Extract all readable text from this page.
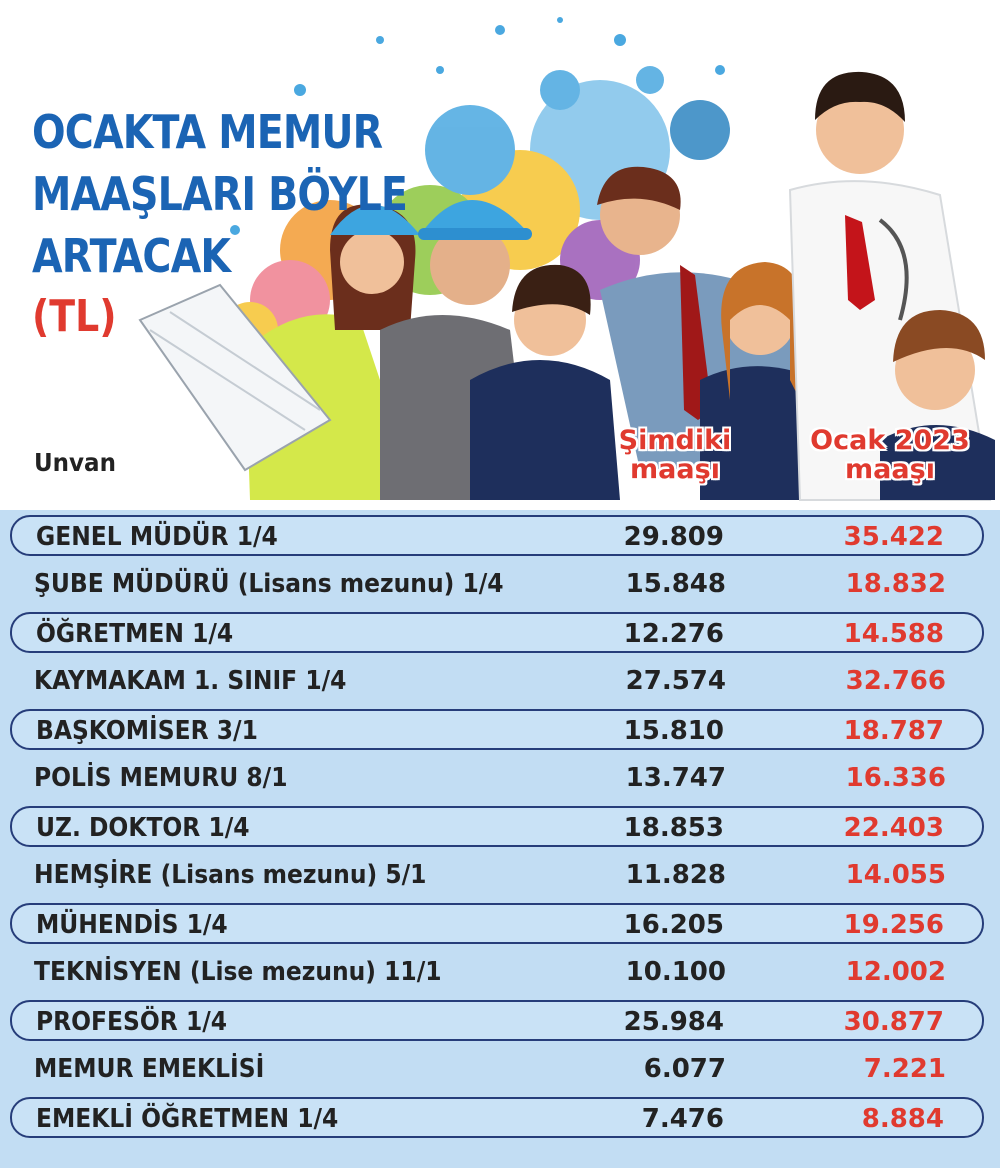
OCAKTA MEMUR
MAAŞLARI BÖYLE
ARTACAK
(TL)
Unvan
Şimdiki
maaşı
Ocak 2023
maaşı
GENEL MÜDÜR 1/4	29.809	35.422
ŞUBE MÜDÜRÜ (Lisans mezunu) 1/4	15.848	18.832
ÖĞRETMEN 1/4	12.276	14.588
KAYMAKAM 1. SINIF 1/4	27.574	32.766
BAŞKOMİSER 3/1	15.810	18.787
POLİS MEMURU 8/1	13.747	16.336
UZ. DOKTOR 1/4	18.853	22.403
HEMŞİRE (Lisans mezunu) 5/1	11.828	14.055
MÜHENDİS 1/4	16.205	19.256
TEKNİSYEN (Lise mezunu) 11/1	10.100	12.002
PROFESÖR 1/4	25.984	30.877
MEMUR EMEKLİSİ	6.077	7.221
EMEKLİ ÖĞRETMEN 1/4	7.476	8.884
